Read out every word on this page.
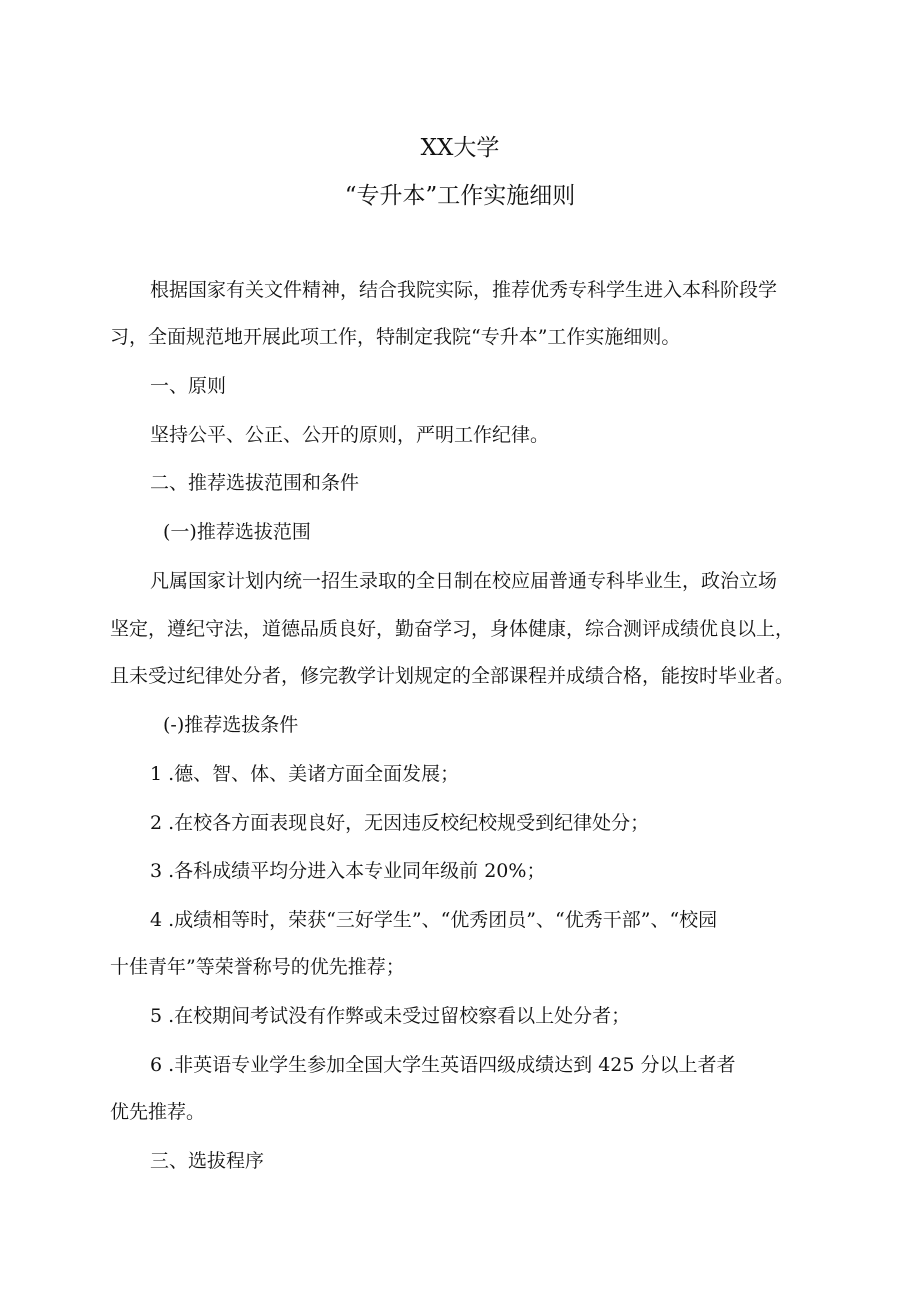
XX大学
“专升本”工作实施细则
根据国家有关文件精神，结合我院实际，推荐优秀专科学生进入本科阶段学
习，全面规范地开展此项工作，特制定我院“专升本”工作实施细则。
一、原则
坚持公平、公正、公开的原则，严明工作纪律。
二、推荐选拔范围和条件
(一)推荐选拔范围
凡属国家计划内统一招生录取的全日制在校应届普通专科毕业生，政治立场
坚定，遵纪守法，道德品质良好，勤奋学习，身体健康，综合测评成绩优良以上，
且未受过纪律处分者，修完教学计划规定的全部课程并成绩合格，能按时毕业者。
(-)推荐选拔条件
1 .德、智、体、美诸方面全面发展；
2 .在校各方面表现良好，无因违反校纪校规受到纪律处分；
3 .各科成绩平均分进入本专业同年级前 20%；
4 .成绩相等时，荣获“三好学生”、“优秀团员”、“优秀干部”、“校园
十佳青年”等荣誉称号的优先推荐；
5 .在校期间考试没有作弊或未受过留校察看以上处分者；
6 .非英语专业学生参加全国大学生英语四级成绩达到 425 分以上者者
优先推荐。
三、选拔程序
